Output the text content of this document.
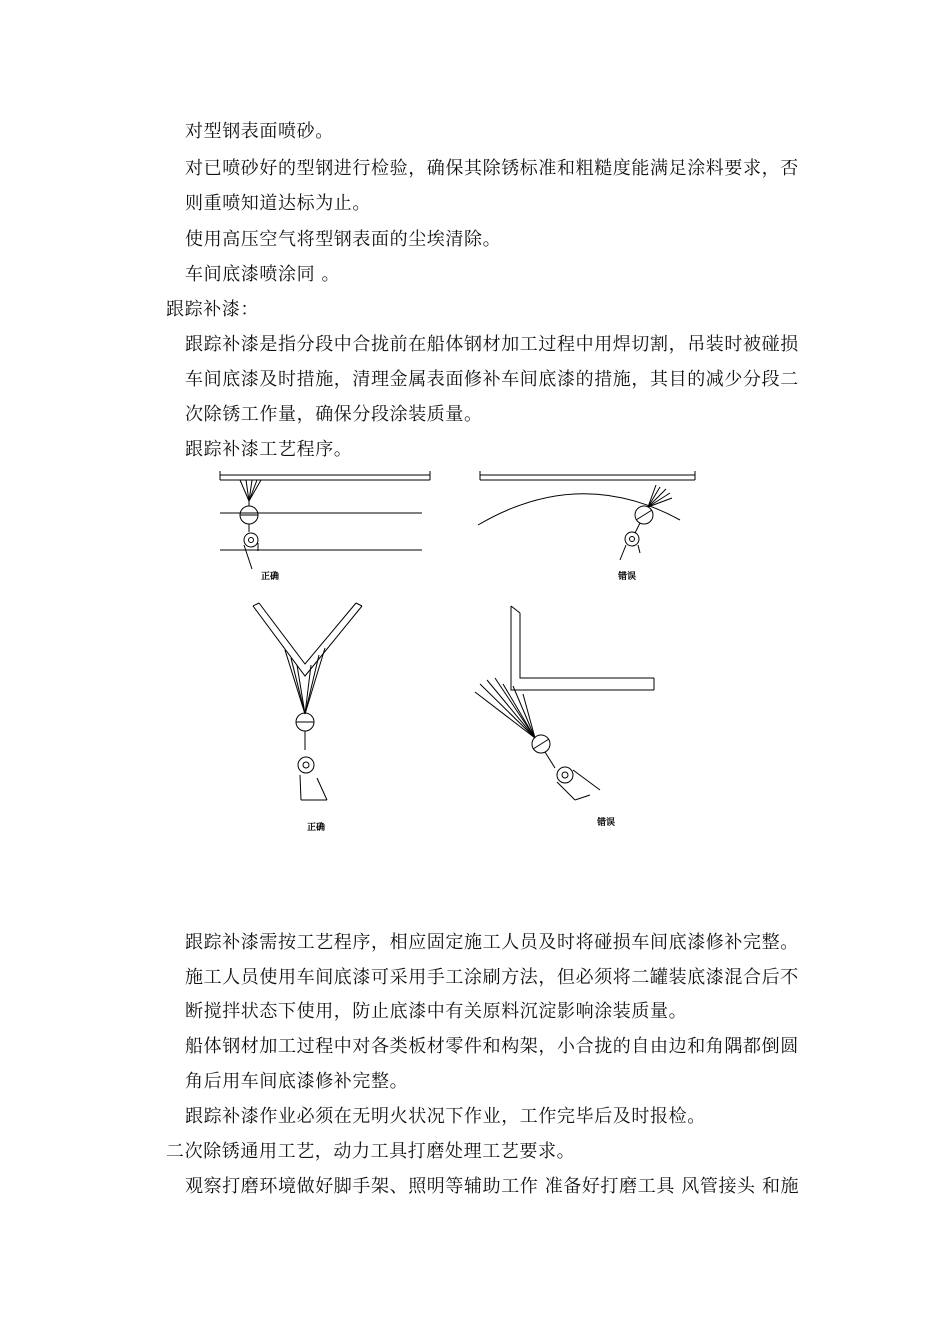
对型钢表面喷砂。
对已喷砂好的型钢进行检验，确保其除锈标准和粗糙度能满足涂料要求，否
则重喷知道达标为止。
使用高压空气将型钢表面的尘埃清除。
车间底漆喷涂同 。
跟踪补漆：
跟踪补漆是指分段中合拢前在船体钢材加工过程中用焊切割，吊装时被碰损
车间底漆及时措施，清理金属表面修补车间底漆的措施，其目的减少分段二
次除锈工作量，确保分段涂装质量。
跟踪补漆工艺程序。
正确	错误
正确	错误
跟踪补漆需按工艺程序，相应固定施工人员及时将碰损车间底漆修补完整。
施工人员使用车间底漆可采用手工涂刷方法，但必须将二罐装底漆混合后不
断搅拌状态下使用，防止底漆中有关原料沉淀影响涂装质量。
船体钢材加工过程中对各类板材零件和构架，小合拢的自由边和角隅都倒圆
角后用车间底漆修补完整。
跟踪补漆作业必须在无明火状况下作业，工作完毕后及时报检。
二次除锈通用工艺，动力工具打磨处理工艺要求。
观察打磨环境做好脚手架、照明等辅助工作 准备好打磨工具 风管接头 和施
